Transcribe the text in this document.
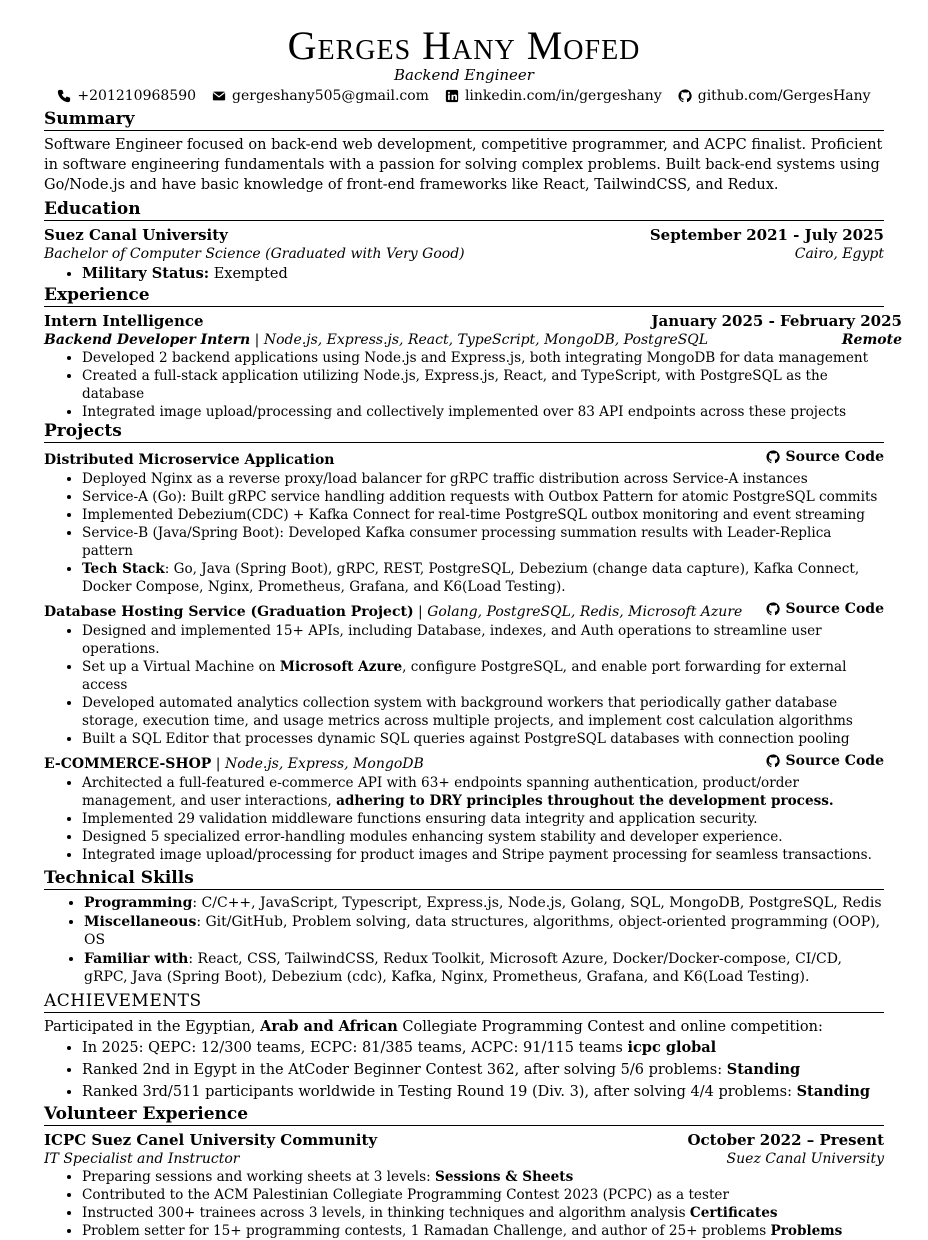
Gerges Hany Mofed
Backend Engineer
+201210968590	gergeshany505@gmail.com	linkedin.com/in/gergeshany	github.com/GergesHany
Summary

Software Engineer focused on back-end web development, competitive programmer, and ACPC finalist. Proficient in software engineering fundamentals with a passion for solving complex problems. Built back-end systems using Go/Node.js and have basic knowledge of front-end frameworks like React, TailwindCSS, and Redux.

Education
Suez Canal University	September 2021 - July 2025
Bachelor of Computer Science (Graduated with Very Good)	Cairo, Egypt
• Military Status: Exempted
Experience
Intern Intelligence	January 2025 - February 2025
Backend Developer Intern | Node.js, Express.js, React, TypeScript, MongoDB, PostgreSQL	Remote
• Developed 2 backend applications using Node.js and Express.js, both integrating MongoDB for data management
• Created a full-stack application utilizing Node.js, Express.js, React, and TypeScript, with PostgreSQL as the database
• Integrated image upload/processing and collectively implemented over 83 API endpoints across these projects
Projects
Distributed Microservice Application	Source Code
• Deployed Nginx as a reverse proxy/load balancer for gRPC traffic distribution across Service-A instances
• Service-A (Go): Built gRPC service handling addition requests with Outbox Pattern for atomic PostgreSQL commits
• Implemented Debezium(CDC) + Kafka Connect for real-time PostgreSQL outbox monitoring and event streaming
• Service-B (Java/Spring Boot): Developed Kafka consumer processing summation results with Leader-Replica pattern
• Tech Stack: Go, Java (Spring Boot), gRPC, REST, PostgreSQL, Debezium (change data capture), Kafka Connect, Docker Compose, Nginx, Prometheus, Grafana, and K6(Load Testing).
Database Hosting Service (Graduation Project) | Golang, PostgreSQL, Redis, Microsoft Azure	Source Code
• Designed and implemented 15+ APIs, including Database, indexes, and Auth operations to streamline user operations.
• Set up a Virtual Machine on Microsoft Azure, configure PostgreSQL, and enable port forwarding for external access
• Developed automated analytics collection system with background workers that periodically gather database storage, execution time, and usage metrics across multiple projects, and implement cost calculation algorithms
• Built a SQL Editor that processes dynamic SQL queries against PostgreSQL databases with connection pooling
E-COMMERCE-SHOP | Node.js, Express, MongoDB	Source Code
• Architected a full-featured e-commerce API with 63+ endpoints spanning authentication, product/order management, and user interactions, adhering to DRY principles throughout the development process.
• Implemented 29 validation middleware functions ensuring data integrity and application security.
• Designed 5 specialized error-handling modules enhancing system stability and developer experience.
• Integrated image upload/processing for product images and Stripe payment processing for seamless transactions.
Technical Skills
• Programming: C/C++, JavaScript, Typescript, Express.js, Node.js, Golang, SQL, MongoDB, PostgreSQL, Redis
• Miscellaneous: Git/GitHub, Problem solving, data structures, algorithms, object-oriented programming (OOP), OS
• Familiar with: React, CSS, TailwindCSS, Redux Toolkit, Microsoft Azure, Docker/Docker-compose, CI/CD, gRPC, Java (Spring Boot), Debezium (cdc), Kafka, Nginx, Prometheus, Grafana, and K6(Load Testing).
ACHIEVEMENTS

Participated in the Egyptian, Arab and African Collegiate Programming Contest and online competition:

• In 2025: QEPC: 12/300 teams, ECPC: 81/385 teams, ACPC: 91/115 teams icpc global
• Ranked 2nd in Egypt in the AtCoder Beginner Contest 362, after solving 5/6 problems: Standing
• Ranked 3rd/511 participants worldwide in Testing Round 19 (Div. 3), after solving 4/4 problems: Standing
Volunteer Experience
ICPC Suez Canel University Community	October 2022 – Present
IT Specialist and Instructor	Suez Canal University
• Preparing sessions and working sheets at 3 levels: Sessions & Sheets
• Contributed to the ACM Palestinian Collegiate Programming Contest 2023 (PCPC) as a tester
• Instructed 300+ trainees across 3 levels, in thinking techniques and algorithm analysis Certificates
• Problem setter for 15+ programming contests, 1 Ramadan Challenge, and author of 25+ problems Problems
